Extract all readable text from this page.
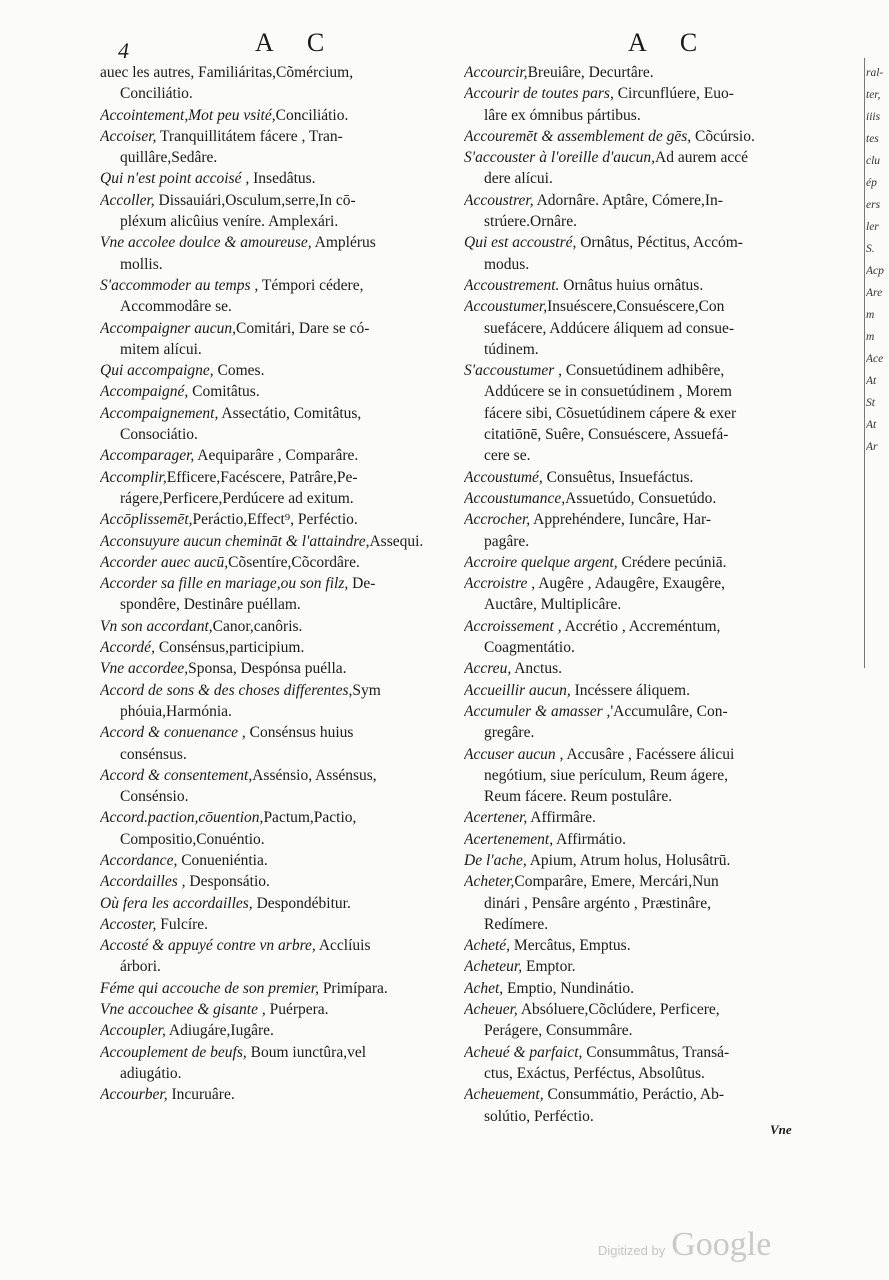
4	A C	A C
auec les autres, Familiáritas,Cõmércium,
Conciliátio.
Accointement,Mot peu vsité,Conciliátio.
Accoiser, Tranquillitátem fácere , Tran-
quillâre,Sedâre.
Qui n'est point accoisé , Insedâtus.
Accoller, Dissauiári,Osculum,serre,In cō-
pléxum alicûius veníre. Amplexári.
Vne accolee doulce & amoureuse, Amplérus
mollis.
S'accommoder au temps , Témpori cédere,
Accommodâre se.
Accompaigner aucun,Comitári, Dare se có-
mitem alícui.
Qui accompaigne, Comes.
Accompaigné, Comitâtus.
Accompaignement, Assectátio, Comitâtus,
Consociátio.
Accomparager, Aequiparâre , Comparâre.
Accomplir,Efficere,Facéscere, Patrâre,Pe-
rágere,Perficere,Perdúcere ad exitum.
Accōplissemēt,Peráctio,Effect⁹, Perféctio.
Acconsuyure aucun chemināt & l'attaindre,Assequi.
Accorder auec aucū,Cõsentíre,Cõcordâre.
Accorder sa fille en mariage,ou son filz, De-
spondêre, Destinâre puéllam.
Vn son accordant,Canor,canôris.
Accordé, Consénsus,participium.
Vne accordee,Sponsa, Despónsa puélla.
Accord de sons & des choses differentes,Sym
phóuia,Harmónia.
Accord & conuenance , Consénsus huius
consénsus.
Accord & consentement,Assénsio, Assénsus,
Consénsio.
Accord.paction,cōuention,Pactum,Pactio,
Compositio,Conuéntio.
Accordance, Conueniéntia.
Accordailles , Desponsátio.
Où fera les accordailles, Despondébitur.
Accoster, Fulcíre.
Accosté & appuyé contre vn arbre, Acclíuis
árbori.
Féme qui accouche de son premier, Primípara.
Vne accouchee & gisante , Puérpera.
Accoupler, Adiugáre,Iugâre.
Accouplement de beufs, Boum iunctûra,vel
adiugátio.
Accourber, Incuruâre.
Accourcir,Breuiâre, Decurtâre.
Accourir de toutes pars, Circunflúere, Euo-
lâre ex ómnibus pártibus.
Accouremēt & assemblement de gēs, Cõcúrsio.
S'accouster à l'oreille d'aucun,Ad aurem accé
dere alícui.
Accoustrer, Adornâre. Aptâre, Cómere,In-
strúere.Ornâre.
Qui est accoustré, Ornâtus, Péctitus, Accóm-
modus.
Accoustrement. Ornâtus huius ornâtus.
Accoustumer,Insuéscere,Consuéscere,Con
suefácere, Addúcere áliquem ad consue-
túdinem.
S'accoustumer , Consuetúdinem adhibêre,
Addúcere se in consuetúdinem , Morem
fácere sibi, Cõsuetúdinem cápere & exer
citatiōnē, Suêre, Consuéscere, Assuefá-
cere se.
Accoustumé, Consuêtus, Insuefáctus.
Accoustumance,Assuetúdo, Consuetúdo.
Accrocher, Apprehéndere, Iuncâre, Har-
pagâre.
Accroire quelque argent, Crédere pecúniā.
Accroistre , Augêre , Adaugêre, Exaugêre,
Auctâre, Multiplicâre.
Accroissement , Accrétio , Accreméntum,
Coagmentátio.
Accreu, Anctus.
Accueillir aucun, Incéssere áliquem.
Accumuler & amasser ,'Accumulâre, Con-
gregâre.
Accuser aucun , Accusâre , Facéssere álicui
negótium, siue perículum, Reum ágere,
Reum fácere. Reum postulâre.
Acertener, Affirmâre.
Acertenement, Affirmátio.
De l'ache, Apium, Atrum holus, Holusâtrū.
Acheter,Comparâre, Emere, Mercári,Nun
dinári , Pensâre argénto , Præstinâre,
Redímere.
Acheté, Mercâtus, Emptus.
Acheteur, Emptor.
Achet, Emptio, Nundinátio.
Acheuer, Absóluere,Cõclúdere, Perficere,
Perágere, Consummâre.
Acheué & parfaict, Consummâtus, Transá-
ctus, Exáctus, Perféctus, Absolûtus.
Acheuement, Consummátio, Peráctio, Ab-
solútio, Perféctio.
Vne
ral-
ter,
iiis
tes
clu
ép
ers
ler
S.
Acp
Are
m
m
Ace
At
St
At
Ar
Digitized by Google
